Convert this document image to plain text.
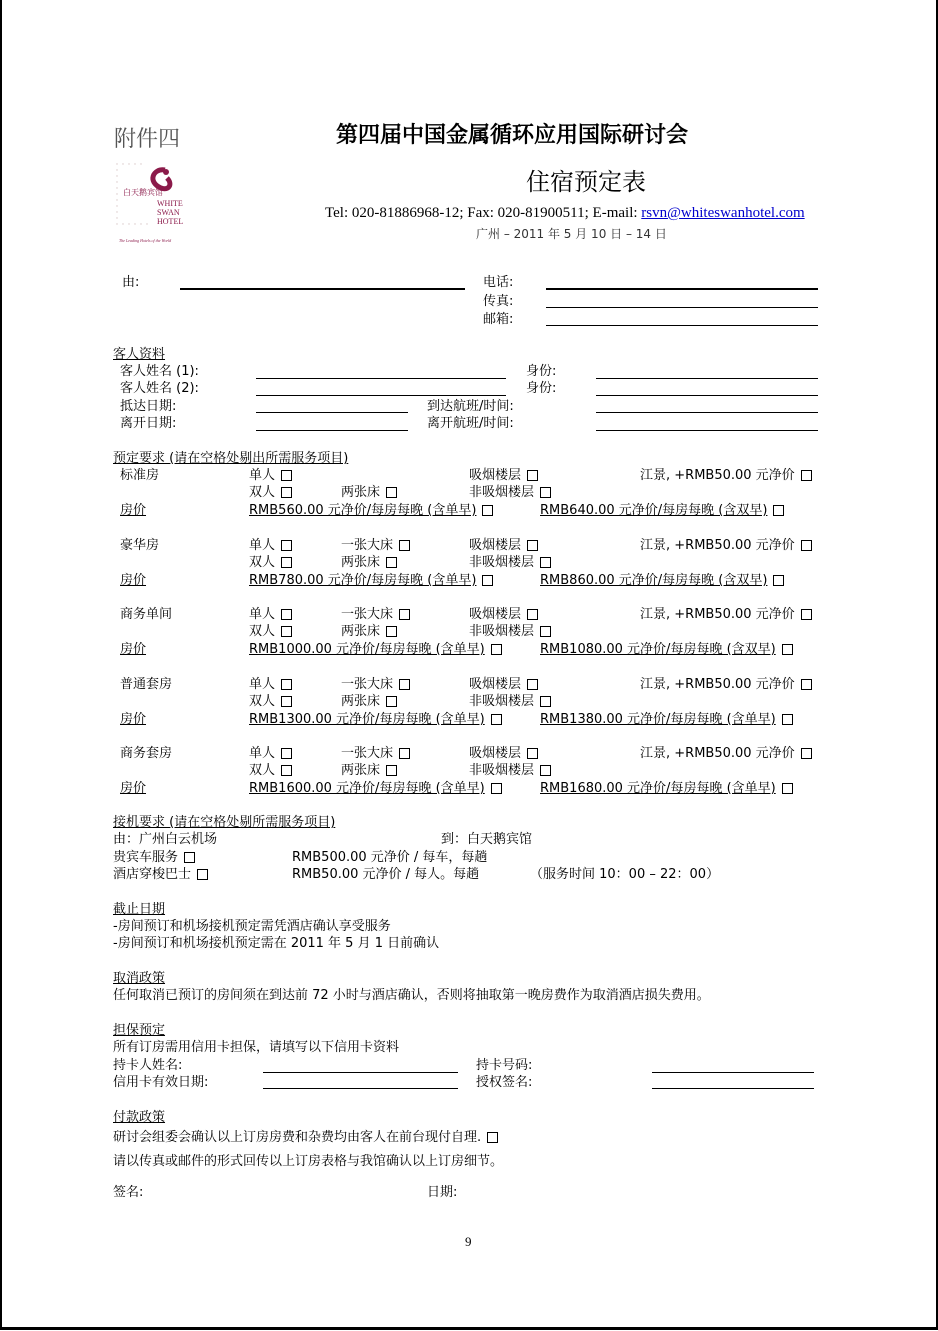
附件四	第四届中国金属循环应用国际研讨会
住宿预定表
白天鹅宾馆
WHITE
SWAN
HOTEL
The Leading Hotels of the World
Tel: 020-81886968-12; Fax: 020-81900511; E-mail: rsvn@whiteswanhotel.com
广州 – 2011 年 5 月 10 日 – 14 日
由:	电话:
传真:
邮箱:
客人资料
客人姓名 (1):	身份:
客人姓名 (2):	身份:
抵达日期:	到达航班/时间:
离开日期:	离开航班/时间:
预定要求 (请在空格处剔出所需服务项目)
标准房	单人	吸烟楼层	江景, +RMB50.00 元净价
双人	两张床	非吸烟楼层
房价	RMB560.00 元净价/每房每晚 (含单早)	RMB640.00 元净价/每房每晚 (含双早)
豪华房	单人	一张大床	吸烟楼层	江景, +RMB50.00 元净价
双人	两张床	非吸烟楼层
房价	RMB780.00 元净价/每房每晚 (含单早)	RMB860.00 元净价/每房每晚 (含双早)
商务单间	单人	一张大床	吸烟楼层	江景, +RMB50.00 元净价
双人	两张床	非吸烟楼层
房价	RMB1000.00 元净价/每房每晚 (含单早)	RMB1080.00 元净价/每房每晚 (含双早)
普通套房	单人	一张大床	吸烟楼层	江景, +RMB50.00 元净价
双人	两张床	非吸烟楼层
房价	RMB1300.00 元净价/每房每晚 (含单早)	RMB1380.00 元净价/每房每晚 (含单早)
商务套房	单人	一张大床	吸烟楼层	江景, +RMB50.00 元净价
双人	两张床	非吸烟楼层
房价	RMB1600.00 元净价/每房每晚 (含单早)	RMB1680.00 元净价/每房每晚 (含单早)
接机要求 (请在空格处剔所需服务项目)
由：广州白云机场	到：白天鹅宾馆
贵宾车服务	RMB500.00 元净价 / 每车，每趟
酒店穿梭巴士	RMB50.00 元净价 / 每人。每趟	（服务时间 10：00 – 22：00）
截止日期
-房间预订和机场接机预定需凭酒店确认享受服务
-房间预订和机场接机预定需在 2011 年 5 月 1 日前确认
取消政策
任何取消已预订的房间须在到达前 72 小时与酒店确认，否则将抽取第一晚房费作为取消酒店损失费用。
担保预定
所有订房需用信用卡担保，请填写以下信用卡资料
持卡人姓名:	持卡号码:
信用卡有效日期:	授权签名:
付款政策
研讨会组委会确认以上订房房费和杂费均由客人在前台现付自理.
请以传真或邮件的形式回传以上订房表格与我馆确认以上订房细节。
签名:	日期:
9
